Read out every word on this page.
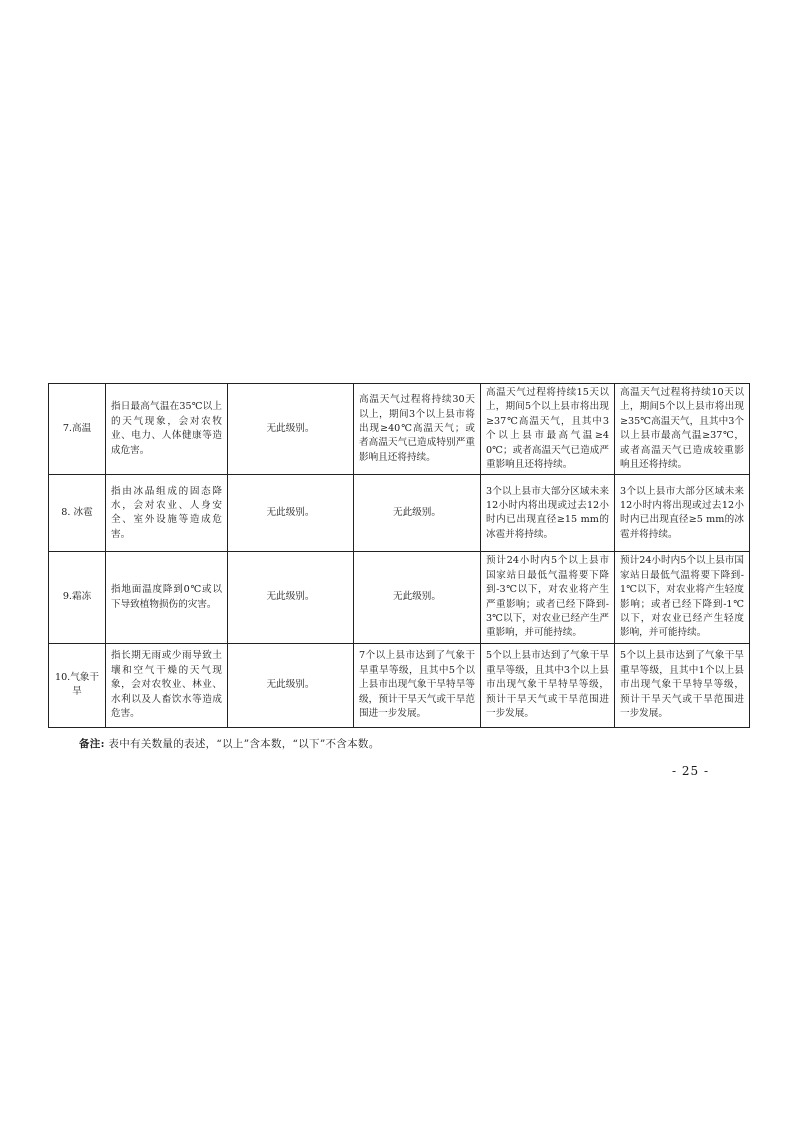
7.高温	指日最高气温在35℃以上的天气现象，会对农牧业、电力、人体健康等造成危害。	无此级别。	高温天气过程将持续30天以上，期间3个以上县市将出现≥40℃高温天气；或者高温天气已造成特别严重影响且还将持续。	高温天气过程将持续15天以上，期间5个以上县市将出现≥37℃高温天气，且其中3个以上县市最高气温≥40℃；或者高温天气已造成严重影响且还将持续。	高温天气过程将持续10天以上，期间5个以上县市将出现≥35℃高温天气，且其中3个以上县市最高气温≥37℃，或者高温天气已造成较重影响且还将持续。
8. 冰雹	指由冰晶组成的固态降水，会对农业、人身安全、室外设施等造成危害。	无此级别。	无此级别。	3个以上县市大部分区域未来12小时内将出现或过去12小时内已出现直径≥15 mm的冰雹并将持续。	3个以上县市大部分区域未来12小时内将出现或过去12小时内已出现直径≥5 mm的冰雹并将持续。
9.霜冻	指地面温度降到0℃或以下导致植物损伤的灾害。	无此级别。	无此级别。	预计24小时内5个以上县市国家站日最低气温将要下降到-3℃以下，对农业将产生严重影响；或者已经下降到-3℃以下，对农业已经产生严重影响，并可能持续。	预计24小时内5个以上县市国家站日最低气温将要下降到-1℃以下，对农业将产生轻度影响；或者已经下降到-1℃以下，对农业已经产生轻度影响，并可能持续。
10.气象干旱	指长期无雨或少雨导致土壤和空气干燥的天气现象，会对农牧业、林业、水利以及人畜饮水等造成危害。	无此级别。	7个以上县市达到了气象干旱重旱等级，且其中5个以上县市出现气象干旱特旱等级，预计干旱天气或干旱范围进一步发展。	5个以上县市达到了气象干旱重旱等级，且其中3个以上县市出现气象干旱特旱等级，预计干旱天气或干旱范围进一步发展。	5个以上县市达到了气象干旱重旱等级，且其中1个以上县市出现气象干旱特旱等级，预计干旱天气或干旱范围进一步发展。
备注: 表中有关数量的表述，“以上”含本数，“以下”不含本数。
- 25 -
